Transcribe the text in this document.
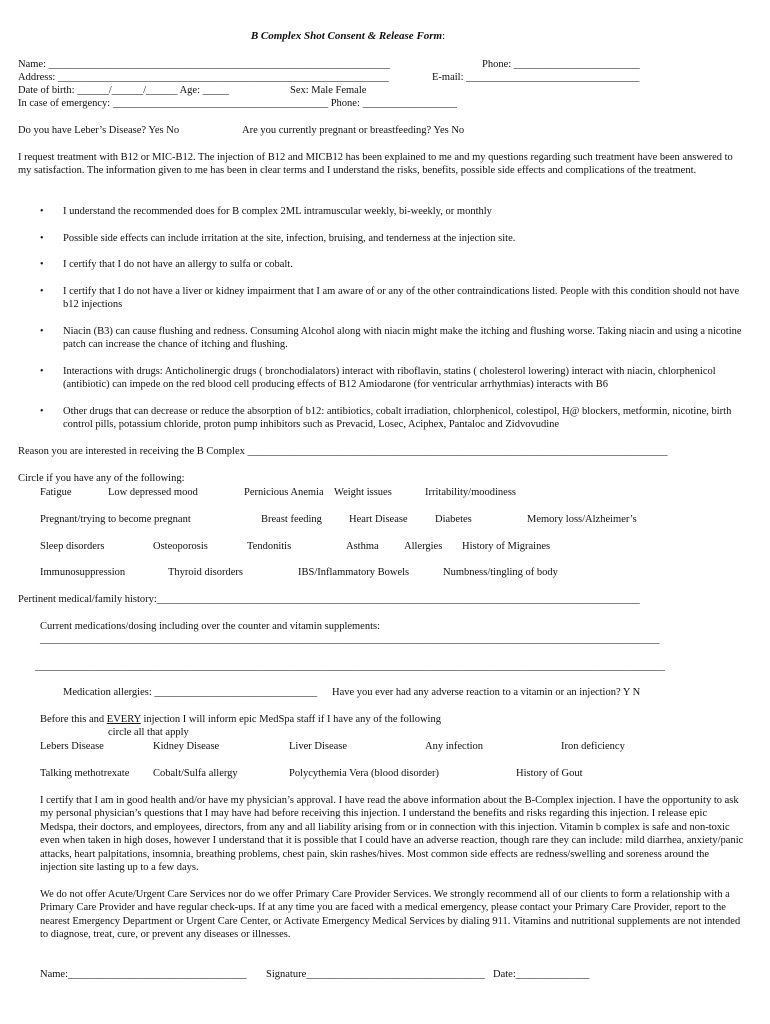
B Complex Shot Consent & Release Form:
Name: _________________________________________________________________	Phone: ________________________
Address: _______________________________________________________________	E-mail: _________________________________
Date of birth: ______/______/______ Age: _____	Sex: Male Female
In case of emergency: _________________________________________ Phone: __________________
Do you have Leber’s Disease? Yes No	Are you currently pregnant or breastfeeding? Yes No
I request treatment with B12 or MIC-B12. The injection of B12 and MICB12 has been explained to me and my questions regarding such treatment have been answered to my satisfaction. The information given to me has been in clear terms and I understand the risks, benefits, possible side effects and complications of the treatment.
• I understand the recommended does for B complex 2ML intramuscular weekly, bi-weekly, or monthly
• Possible side effects can include irritation at the site, infection, bruising, and tenderness at the injection site.
• I certify that I do not have an allergy to sulfa or cobalt.
• I certify that I do not have a liver or kidney impairment that I am aware of or any of the other contraindications listed. People with this condition should not have b12 injections
• Niacin (B3) can cause flushing and redness. Consuming Alcohol along with niacin might make the itching and flushing worse. Taking niacin and using a nicotine patch can increase the chance of itching and flushing.
• Interactions with drugs: Anticholinergic drugs ( bronchodialators) interact with riboflavin, statins ( cholesterol lowering) interact with niacin, chlorphenicol (antibiotic) can impede on the red blood cell producing effects of B12 Amiodarone (for ventricular arrhythmias) interacts with B6
• Other drugs that can decrease or reduce the absorption of b12: antibiotics, cobalt irradiation, chlorphenicol, colestipol, H@ blockers, metformin, nicotine, birth control pills, potassium chloride, proton pump inhibitors such as Prevacid, Losec, Aciphex, Pantaloc and Zidvovudine
Reason you are interested in receiving the B Complex ________________________________________________________________________________
Circle if you have any of the following:
Fatigue	Low depressed mood	Pernicious Anemia Weight issues	Irritability/moodiness
Pregnant/trying to become pregnant	Breast feeding	Heart Disease	Diabetes	Memory loss/Alzheimer’s
Sleep disorders	Osteoporosis	Tendonitis	Asthma Allergies History of Migraines
Immunosuppression	Thyroid disorders	IBS/Inflammatory Bowels	Numbness/tingling of body
Pertinent medical/family history:____________________________________________________________________________________________
Current medications/dosing including over the counter and vitamin supplements:
______________________________________________________________________________________________________________________
________________________________________________________________________________________________________________________
Medication allergies: _______________________________ Have you ever had any adverse reaction to a vitamin or an injection? Y N
Before this and EVERY injection I will inform epic MedSpa staff if I have any of the following
circle all that apply
Lebers Disease	Kidney Disease	Liver Disease	Any infection	Iron deficiency
Talking methotrexate Cobalt/Sulfa allergy	Polycythemia Vera (blood disorder)	History of Gout
I certify that I am in good health and/or have my physician’s approval. I have read the above information about the B-Complex injection. I have the opportunity to ask my personal physician’s questions that I may have had before receiving this injection. I understand the benefits and risks regarding this injection. I release epic Medspa, their doctors, and employees, directors, from any and all liability arising from or in connection with this injection. Vitamin b complex is safe and non-toxic even when taken in high doses, however I understand that it is possible that I could have an adverse reaction, though rare they can include: mild diarrhea, anxiety/panic attacks, heart palpitations, insomnia, breathing problems, chest pain, skin rashes/hives. Most common side effects are redness/swelling and soreness around the injection site lasting up to a few days.
We do not offer Acute/Urgent Care Services nor do we offer Primary Care Provider Services. We strongly recommend all of our clients to form a relationship with a Primary Care Provider and have regular check-ups. If at any time you are faced with a medical emergency, please contact your Primary Care Provider, report to the nearest Emergency Department or Urgent Care Center, or Activate Emergency Medical Services by dialing 911. Vitamins and nutritional supplements are not intended to diagnose, treat, cure, or prevent any diseases or illnesses.
Name:__________________________________ Signature__________________________________ Date:______________
